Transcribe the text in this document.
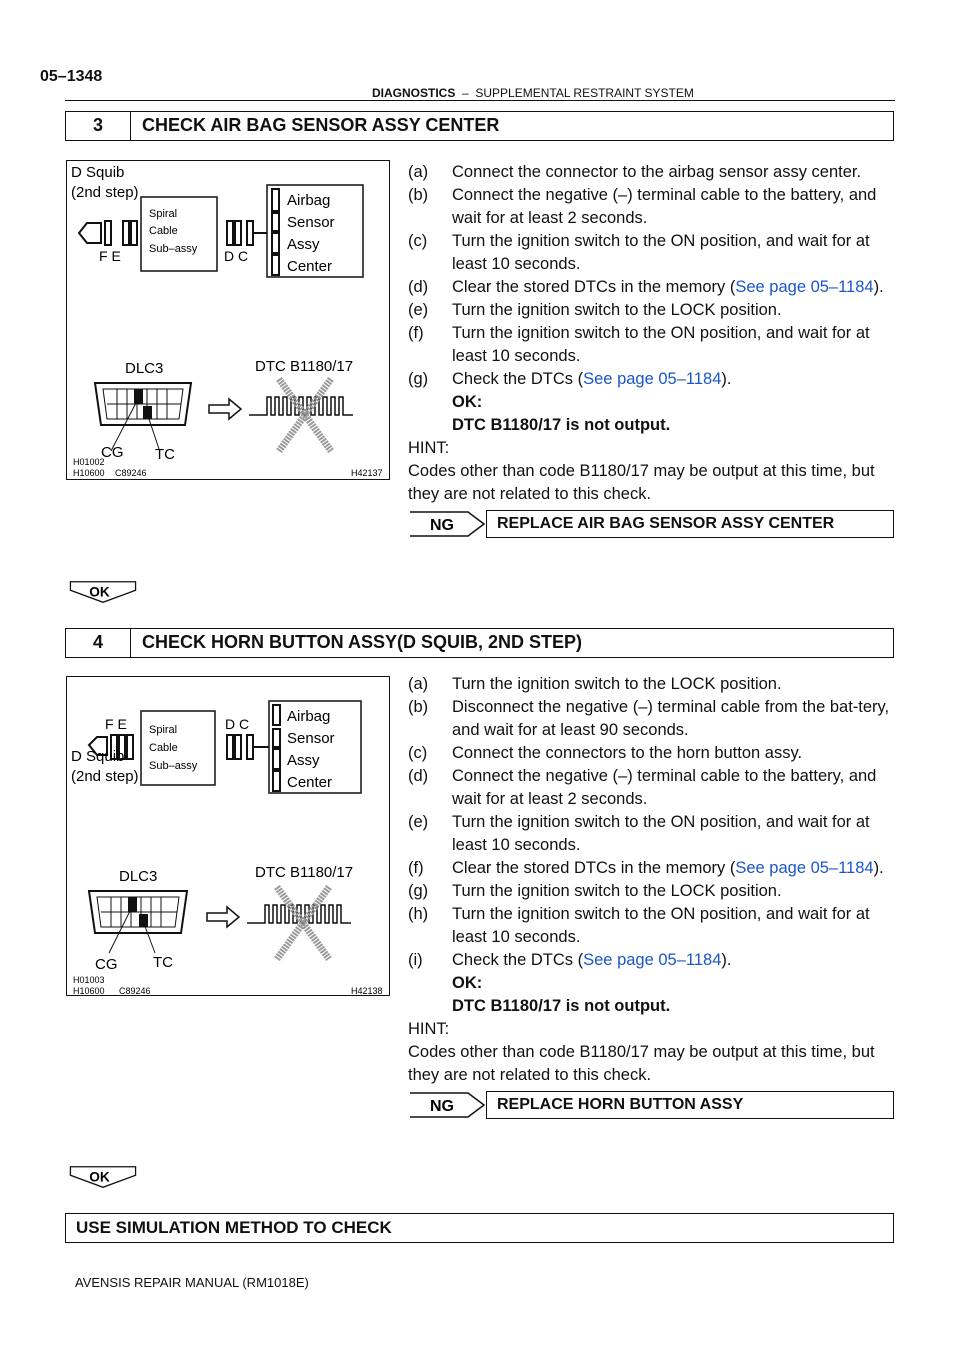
05–1348
DIAGNOSTICS – SUPPLEMENTAL RESTRAINT SYSTEM
3	CHECK AIR BAG SENSOR ASSY CENTER
D Squib
(2nd step)
F E
Spiral
Cable
Sub–assy D C
Airbag
Sensor
Assy
Center
DLC3	DTC B1180/17
CG TC
H01002
H10600 C89246	H42137
(a) Connect the connector to the airbag sensor assy center.
(b) Connect the negative (–) terminal cable to the battery, and wait for at least 2 seconds.
(c) Turn the ignition switch to the ON position, and wait for at least 10 seconds.
(d) Clear the stored DTCs in the memory (See page 05–1184).
(e) Turn the ignition switch to the LOCK position.
(f) Turn the ignition switch to the ON position, and wait for at least 10 seconds.
(g) Check the DTCs (See page 05–1184).
OK:
DTC B1180/17 is not output.
HINT:
Codes other than code B1180/17 may be output at this time, but they are not related to this check.
NG	REPLACE AIR BAG SENSOR ASSY CENTER
OK
4	CHECK HORN BUTTON ASSY(D SQUIB, 2ND STEP)
F E
D Squib
(2nd step)
Spiral
Cable
Sub–assy
D C	Airbag
Sensor
Assy
Center
DLC3	DTC B1180/17
CG TC
H01003
H10600 C89246	H42138
(a) Turn the ignition switch to the LOCK position.
(b) Disconnect the negative (–) terminal cable from the bat-tery, and wait for at least 90 seconds.
(c) Connect the connectors to the horn button assy.
(d) Connect the negative (–) terminal cable to the battery, and wait for at least 2 seconds.
(e) Turn the ignition switch to the ON position, and wait for at least 10 seconds.
(f) Clear the stored DTCs in the memory (See page 05–1184).
(g) Turn the ignition switch to the LOCK position.
(h) Turn the ignition switch to the ON position, and wait for at least 10 seconds.
(i) Check the DTCs (See page 05–1184).
OK:
DTC B1180/17 is not output.
HINT:
Codes other than code B1180/17 may be output at this time, but they are not related to this check.
NG	REPLACE HORN BUTTON ASSY
OK
USE SIMULATION METHOD TO CHECK
AVENSIS REPAIR MANUAL (RM1018E)
